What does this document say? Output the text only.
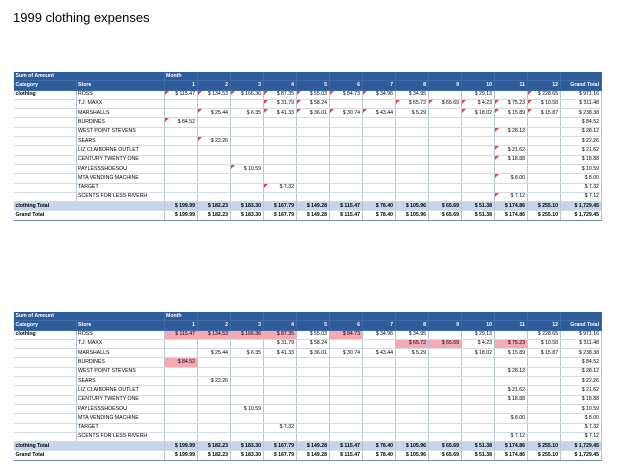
1999 clothing expenses
Sum of Amount		Month												
Category	Store	1	2	3	4	5	6	7	8	9	10	11	12	Grand Total
clothing	ROSS	$ 115.47	$ 134.53	$ 166.36	$ 87.35	$ 55.03	$ 84.73	$ 34.96	$ 34.95		$ 29.13		$ 228.65	$ 971.16
	T.J. MAXX				$ 31.79	$ 58.24			$ 65.72	$ 65.69	$ 4.23	$ 75.23	$ 10.58	$ 311.48
	MARSHALLS		$ 25.44	$ 6.35	$ 41.33	$ 36.01	$ 30.74	$ 43.44	$ 5.29		$ 18.02	$ 15.89	$ 15.87	$ 238.38
	BURDINES	$ 84.52												$ 84.52
	WEST POINT STEVENS											$ 28.12		$ 28.12
	SEARS		$ 22.26											$ 22.26
	LIZ CLAIBORNE OUTLET											$ 21.62		$ 21.62
	CENTURY TWENTY ONE											$ 18.88		$ 18.88
	PAYLESSSHOESOU			$ 10.59										$ 10.59
	MTA VENDING MACHINE											$ 8.00		$ 8.00
	TARGET				$ 7.32									$ 7.32
	SCENTS FOR LESS RIVERH											$ 7.12		$ 7.12
clothing Total		$ 199.99	$ 182.23	$ 183.30	$ 167.79	$ 149.28	$ 115.47	$ 78.40	$ 105.96	$ 65.69	$ 51.38	$ 174.86	$ 255.10	$ 1,729.45
Grand Total		$ 199.99	$ 182.23	$ 183.30	$ 167.79	$ 149.28	$ 115.47	$ 78.40	$ 105.96	$ 65.69	$ 51.38	$ 174.86	$ 255.10	$ 1,729.45
Sum of Amount		Month												
Category	Store	1	2	3	4	5	6	7	8	9	10	11	12	Grand Total
clothing	ROSS	$ 115.47	$ 134.53	$ 166.36	$ 87.35	$ 55.03	$ 84.73	$ 34.96	$ 34.95		$ 29.13		$ 228.65	$ 971.16
	T.J. MAXX				$ 31.79	$ 58.24			$ 65.72	$ 65.69	$ 4.23	$ 75.23	$ 10.58	$ 311.48
	MARSHALLS		$ 25.44	$ 6.35	$ 41.33	$ 36.01	$ 30.74	$ 43.44	$ 5.29		$ 18.02	$ 15.89	$ 15.87	$ 238.38
	BURDINES	$ 84.52												$ 84.52
	WEST POINT STEVENS											$ 28.12		$ 28.12
	SEARS		$ 22.26											$ 22.26
	LIZ CLAIBORNE OUTLET											$ 21.62		$ 21.62
	CENTURY TWENTY ONE											$ 18.88		$ 18.88
	PAYLESSSHOESOU			$ 10.59										$ 10.59
	MTA VENDING MACHINE											$ 8.00		$ 8.00
	TARGET				$ 7.32									$ 7.32
	SCENTS FOR LESS RIVERH											$ 7.12		$ 7.12
clothing Total		$ 199.99	$ 182.23	$ 183.30	$ 167.79	$ 149.28	$ 115.47	$ 78.40	$ 105.96	$ 65.69	$ 51.38	$ 174.86	$ 255.10	$ 1,729.45
Grand Total		$ 199.99	$ 182.23	$ 183.30	$ 167.79	$ 149.28	$ 115.47	$ 78.40	$ 105.96	$ 65.69	$ 51.38	$ 174.86	$ 255.10	$ 1,729.45
